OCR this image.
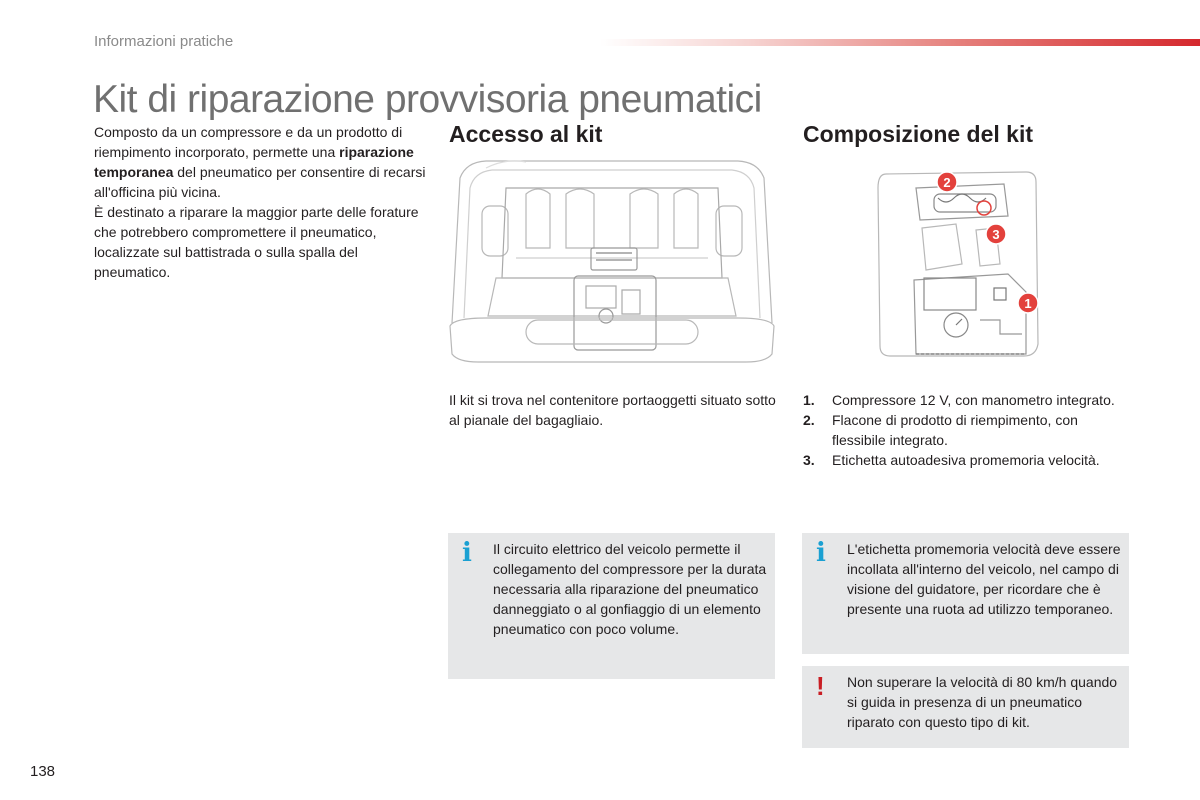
Informazioni pratiche
Kit di riparazione provvisoria pneumatici

Composto da un compressore e da un prodotto di riempimento incorporato, permette una riparazione temporanea del pneumatico per consentire di recarsi all'officina più vicina.

È destinato a riparare la maggior parte delle forature che potrebbero compromettere il pneumatico, localizzate sul battistrada o sulla spalla del pneumatico.

Accesso al kit	Composizione del kit
2
3
1
Il kit si trova nel contenitore portaoggetti situato sotto al pianale del bagagliaio.
1.	Compressore 12 V, con manometro integrato.
2.	Flacone di prodotto di riempimento, con flessibile integrato.
3.	Etichetta autoadesiva promemoria velocità.
i Il circuito elettrico del veicolo permette il collegamento del compressore per la durata necessaria alla riparazione del pneumatico danneggiato o al gonfiaggio di un elemento pneumatico con poco volume.
i L'etichetta promemoria velocità deve essere incollata all'interno del veicolo, nel campo di visione del guidatore, per ricordare che è presente una ruota ad utilizzo temporaneo.
! Non superare la velocità di 80 km/h quando si guida in presenza di un pneumatico riparato con questo tipo di kit.
138
